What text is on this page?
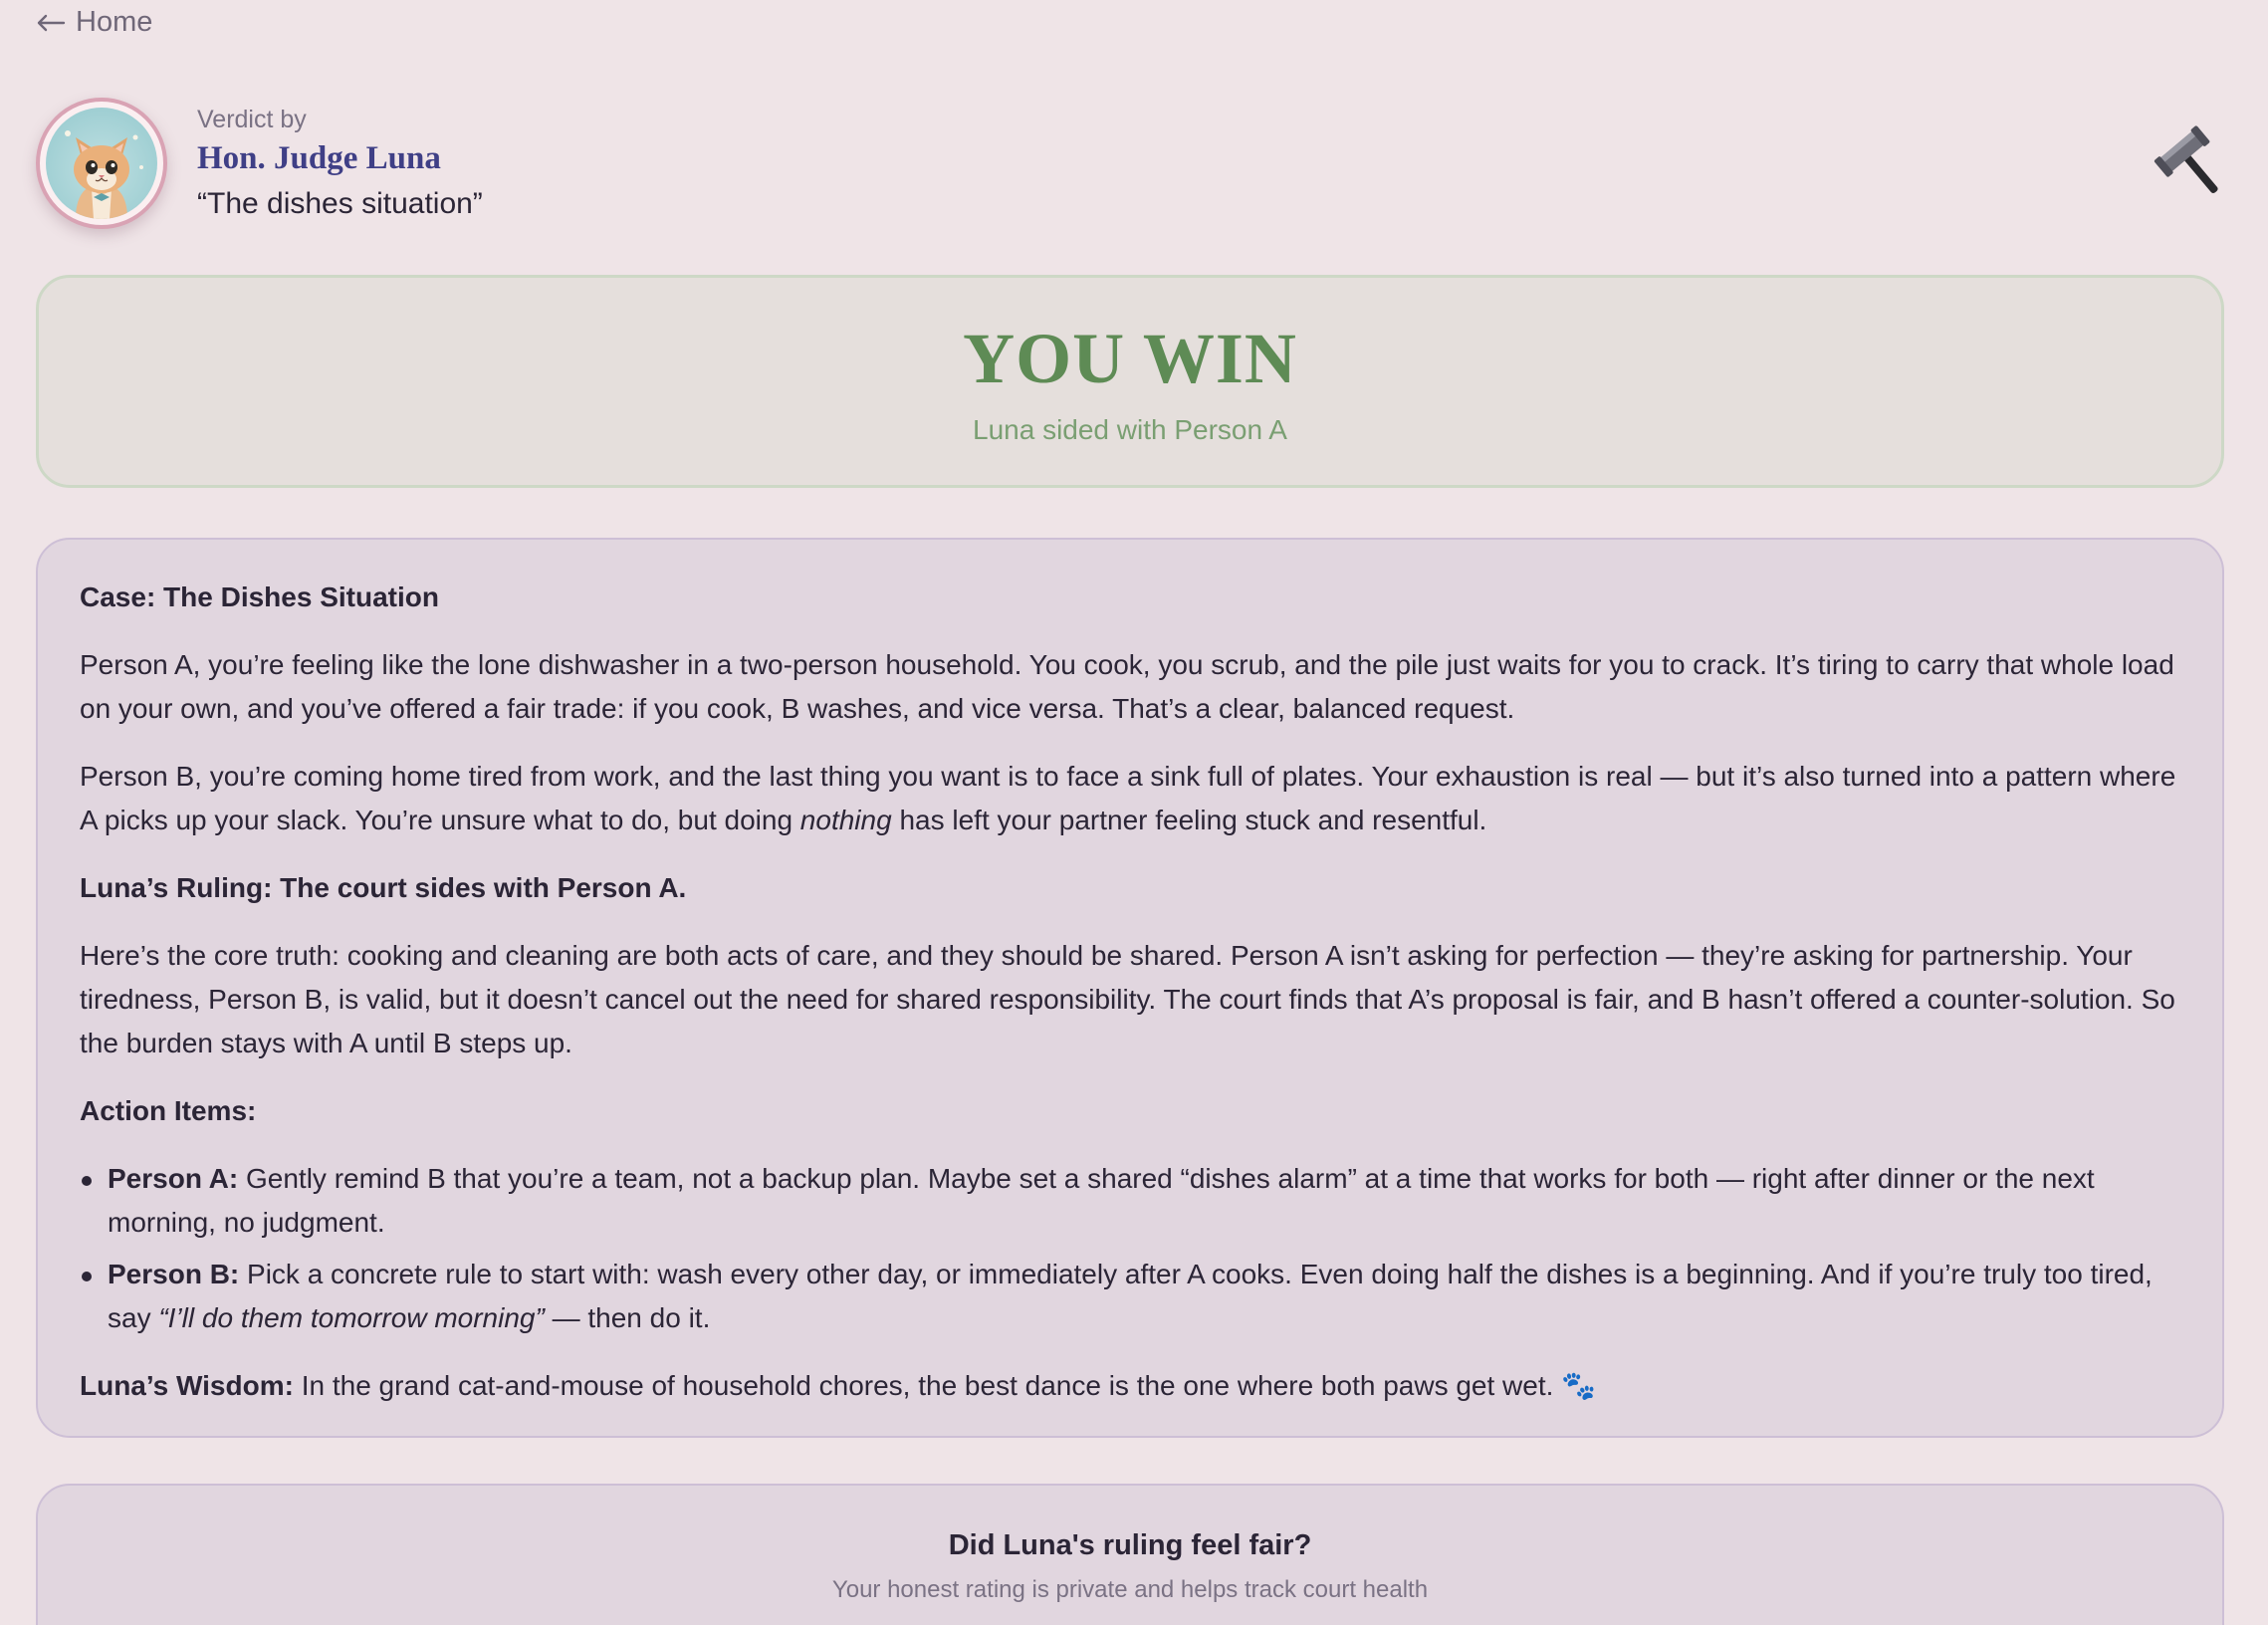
Home
Verdict by
Hon. Judge Luna
“The dishes situation”
YOU WIN
Luna sided with Person A

Case: The Dishes Situation

Person A, you’re feeling like the lone dishwasher in a two-person household. You cook, you scrub, and the pile just waits for you to crack. It’s tiring to carry that whole load on your own, and you’ve offered a fair trade: if you cook, B washes, and vice versa. That’s a clear, balanced request.

Person B, you’re coming home tired from work, and the last thing you want is to face a sink full of plates. Your exhaustion is real — but it’s also turned into a pattern where A picks up your slack. You’re unsure what to do, but doing nothing has left your partner feeling stuck and resentful.

Luna’s Ruling: The court sides with Person A.

Here’s the core truth: cooking and cleaning are both acts of care, and they should be shared. Person A isn’t asking for perfection — they’re asking for partnership. Your tiredness, Person B, is valid, but it doesn’t cancel out the need for shared responsibility. The court finds that A’s proposal is fair, and B hasn’t offered a counter-solution. So the burden stays with A until B steps up.

Action Items:

Person A: Gently remind B that you’re a team, not a backup plan. Maybe set a shared “dishes alarm” at a time that works for both — right after dinner or the next morning, no judgment.
Person B: Pick a concrete rule to start with: wash every other day, or immediately after A cooks. Even doing half the dishes is a beginning. And if you’re truly too tired, say “I’ll do them tomorrow morning” — then do it.

Luna’s Wisdom: In the grand cat-and-mouse of household chores, the best dance is the one where both paws get wet. 🐾

Did Luna's ruling feel fair?
Your honest rating is private and helps track court health
